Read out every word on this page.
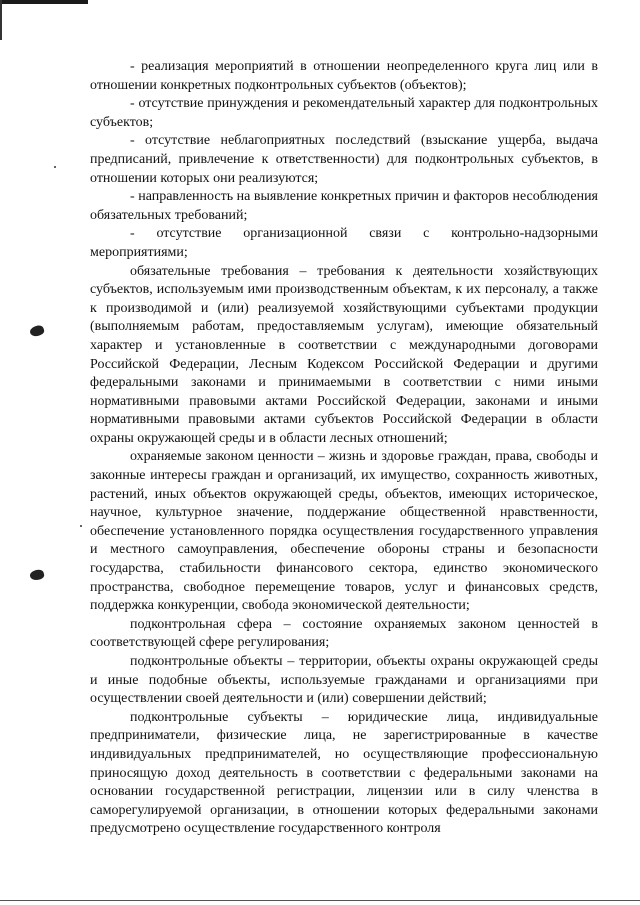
- реализация мероприятий в отношении неопределенного круга лиц или в отношении конкретных подконтрольных субъектов (объектов);

- отсутствие принуждения и рекомендательный характер для подконтрольных субъектов;

- отсутствие неблагоприятных последствий (взыскание ущерба, выдача предписаний, привлечение к ответственности) для подконтрольных субъектов, в отношении которых они реализуются;

- направленность на выявление конкретных причин и факторов несоблюдения обязательных требований;

- отсутствие организационной связи с контрольно-надзорными мероприятиями;

обязательные требования – требования к деятельности хозяйствующих субъектов, используемым ими производственным объектам, к их персоналу, а также к производимой и (или) реализуемой хозяйствующими субъектами продукции (выполняемым работам, предоставляемым услугам), имеющие обязательный характер и установленные в соответствии с международными договорами Российской Федерации, Лесным Кодексом Российской Федерации и другими федеральными законами и принимаемыми в соответствии с ними иными нормативными правовыми актами Российской Федерации, законами и иными нормативными правовыми актами субъектов Российской Федерации в области охраны окружающей среды и в области лесных отношений;

охраняемые законом ценности – жизнь и здоровье граждан, права, свободы и законные интересы граждан и организаций, их имущество, сохранность животных, растений, иных объектов окружающей среды, объектов, имеющих историческое, научное, культурное значение, поддержание общественной нравственности, обеспечение установленного порядка осуществления государственного управления и местного самоуправления, обеспечение обороны страны и безопасности государства, стабильности финансового сектора, единство экономического пространства, свободное перемещение товаров, услуг и финансовых средств, поддержка конкуренции, свобода экономической деятельности;

подконтрольная сфера – состояние охраняемых законом ценностей в соответствующей сфере регулирования;

подконтрольные объекты – территории, объекты охраны окружающей среды и иные подобные объекты, используемые гражданами и организациями при осуществлении своей деятельности и (или) совершении действий;

подконтрольные субъекты – юридические лица, индивидуальные предприниматели, физические лица, не зарегистрированные в качестве индивидуальных предпринимателей, но осуществляющие профессиональную приносящую доход деятельность в соответствии с федеральными законами на основании государственной регистрации, лицензии или в силу членства в саморегулируемой организации, в отношении которых федеральными законами предусмотрено осуществление государственного контроля
